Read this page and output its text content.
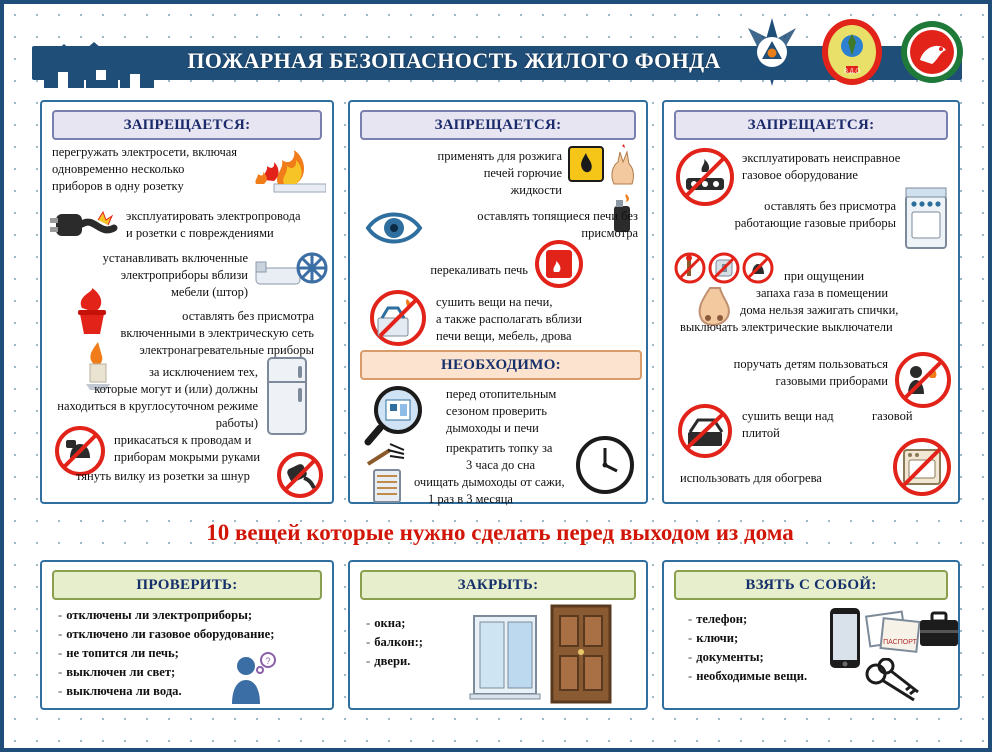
ПОЖАРНАЯ БЕЗОПАСНОСТЬ ЖИЛОГО ФОНДА	В.Д.О
ЗАПРЕЩАЕТСЯ:
перегружать электросети, включая
одновременно несколько
приборов в одну розетку
эксплуатировать электропровода
и розетки с повреждениями
устанавливать включенные
электроприборы вблизи
мебели (штор)
оставлять без присмотра
включенными в электрическую сеть
электронагревательные приборы
за исключением тех,
которые могут и (или) должны
находиться в круглосуточном режиме
работы)
прикасаться к проводам и
приборам мокрыми руками
тянуть вилку из розетки за шнур
ЗАПРЕЩАЕТСЯ:
применять для розжига
печей горючие
жидкости
оставлять топящиеся печи без
присмотра
перекаливать печь
сушить вещи на печи,
а также располагать вблизи
печи вещи, мебель, дрова
НЕОБХОДИМО:
перед отопительным
сезоном проверить
дымоходы и печи
прекратить топку за
3 часа до сна
очищать дымоходы от сажи,
1 раз в 3 месяца
ЗАПРЕЩАЕТСЯ:
эксплуатировать неисправное
газовое оборудование
оставлять без присмотра
работающие газовые приборы
при ощущении
запаха газа в помещении
дома нельзя зажигать спички,
выключать электрические выключатели
поручать детям пользоваться
газовыми приборами
сушить вещи над
плитой
газовой
использовать для обогрева
10 вещей которые нужно сделать перед выходом из дома
ПРОВЕРИТЬ:
- отключены ли электроприборы;
- отключено ли газовое оборудование;
- не топится ли печь;
- выключен ли свет;
- выключена ли вода.
?
ЗАКРЫТЬ:
- окна;
- балкон:;
- двери.
ВЗЯТЬ С СОБОЙ:
- телефон;
- ключи;
- документы;
- необходимые вещи.
ПАСПОРТ
